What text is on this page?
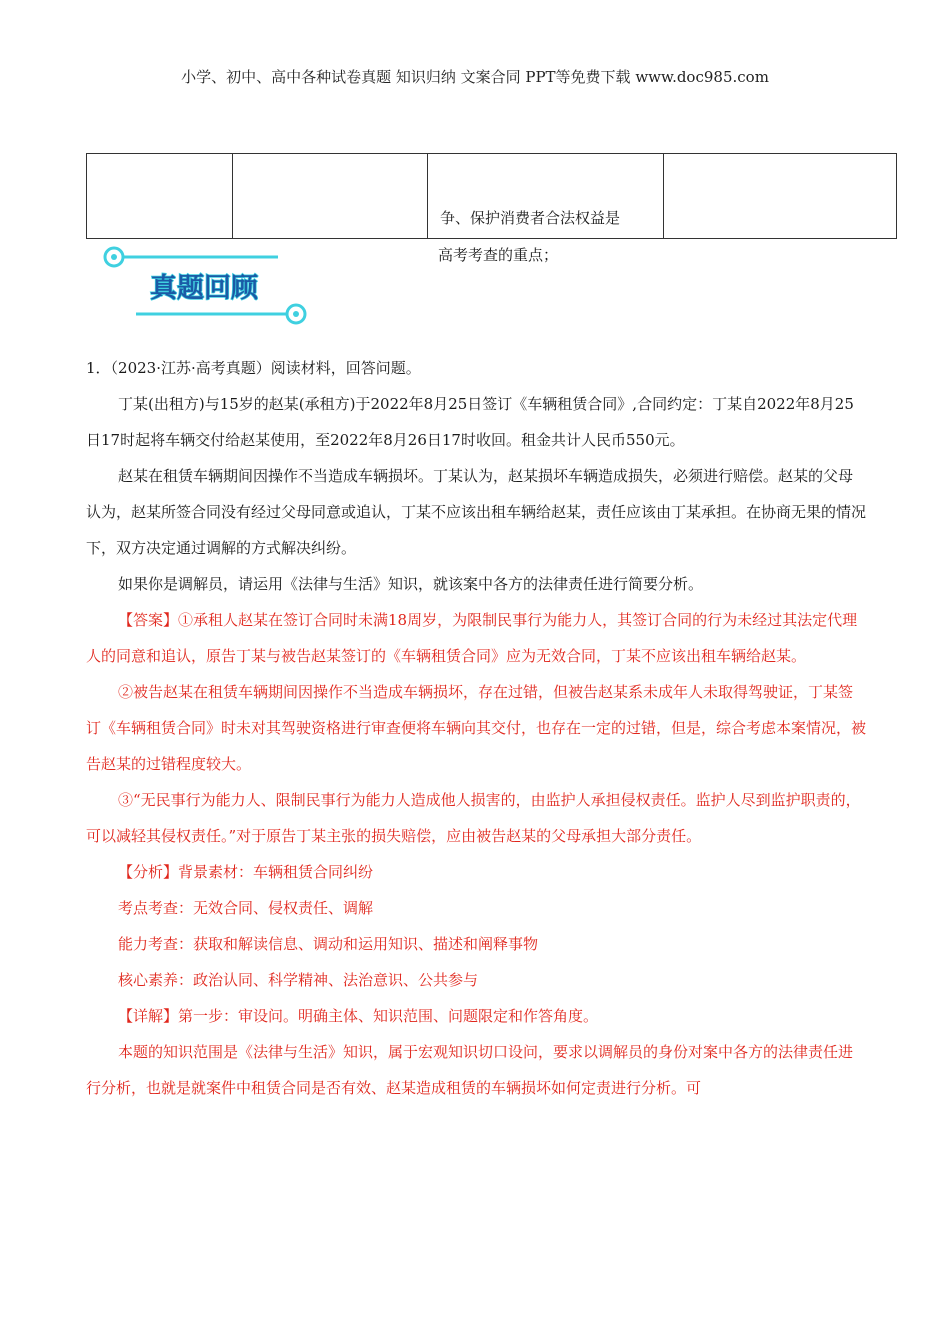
小学、初中、高中各种试卷真题 知识归纳 文案合同 PPT等免费下载 www.doc985.com

争、保护消费者合法权益是

高考考查的重点；
真题回顾

1．（2023·江苏·高考真题）阅读材料，回答问题。

丁某(出租方)与15岁的赵某(承租方)于2022年8月25日签订《车辆租赁合同》,合同约定：丁某自2022年8月25日17时起将车辆交付给赵某使用，至2022年8月26日17时收回。租金共计人民币550元。

赵某在租赁车辆期间因操作不当造成车辆损坏。丁某认为，赵某损坏车辆造成损失，必须进行赔偿。赵某的父母认为，赵某所签合同没有经过父母同意或追认，丁某不应该出租车辆给赵某，责任应该由丁某承担。在协商无果的情况下，双方决定通过调解的方式解决纠纷。

如果你是调解员，请运用《法律与生活》知识，就该案中各方的法律责任进行简要分析。

【答案】①承租人赵某在签订合同时未满18周岁，为限制民事行为能力人，其签订合同的行为未经过其法定代理人的同意和追认，原告丁某与被告赵某签订的《车辆租赁合同》应为无效合同，丁某不应该出租车辆给赵某。

②被告赵某在租赁车辆期间因操作不当造成车辆损坏，存在过错，但被告赵某系未成年人未取得驾驶证，丁某签订《车辆租赁合同》时未对其驾驶资格进行审查便将车辆向其交付，也存在一定的过错，但是，综合考虑本案情况，被告赵某的过错程度较大。

③“无民事行为能力人、限制民事行为能力人造成他人损害的，由监护人承担侵权责任。监护人尽到监护职责的，可以减轻其侵权责任。”对于原告丁某主张的损失赔偿，应由被告赵某的父母承担大部分责任。

【分析】背景素材：车辆租赁合同纠纷

考点考查：无效合同、侵权责任、调解

能力考查：获取和解读信息、调动和运用知识、描述和阐释事物

核心素养：政治认同、科学精神、法治意识、公共参与

【详解】第一步：审设问。明确主体、知识范围、问题限定和作答角度。

本题的知识范围是《法律与生活》知识，属于宏观知识切口设问，要求以调解员的身份对案中各方的法律责任进行分析，也就是就案件中租赁合同是否有效、赵某造成租赁的车辆损坏如何定责进行分析。可
